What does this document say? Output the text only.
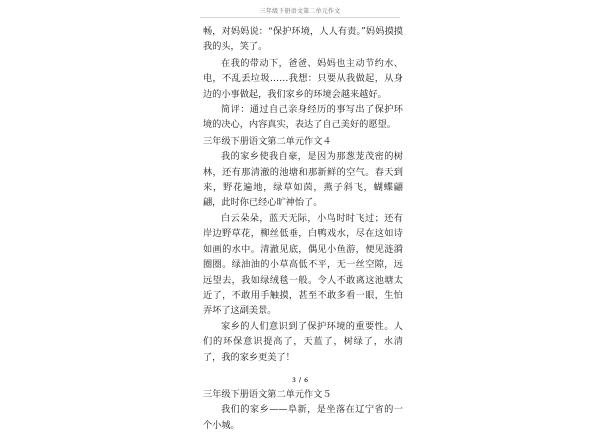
三年级下册语文第二单元作文

畅，对妈妈说：“保护环境，人人有责。”妈妈摸摸我的头，笑了。

在我的带动下，爸爸、妈妈也主动节约水、电，不乱丢垃圾……我想：只要从我做起，从身边的小事做起，我们家乡的环境会越来越好。

简评：通过自己亲身经历的事写出了保护环境的决心，内容真实，表达了自己美好的愿望。

三年级下册语文第二单元作文４

我的家乡使我自豪，是因为那葱茏茂密的树林，还有那清澈的池塘和那新鲜的空气。春天到来，野花遍地，绿草如茵，燕子斜飞，蝴蝶翩翩，此时你已经心旷神怡了。

白云朵朵，蓝天无际，小鸟时时飞过；还有岸边野草花，柳丝低垂，白鸭戏水，尽在这如诗如画的水中。清澈见底，偶见小鱼游，便见涟漪圈圈。绿油油的小草高低不平，无一丝空隙，远远望去，我如绿绒毯一般。令人不敢离这池塘太近了，不敢用手触摸，甚至不敢多看一眼，生怕弄坏了这副美景。

家乡的人们意识到了保护环境的重要性。人们的环保意识提高了，天蓝了，树绿了，水清了，我的家乡更美了！

三年级下册语文第二单元作文５

我们的家乡——阜新，是坐落在辽宁省的一个小城。

３ / ６
